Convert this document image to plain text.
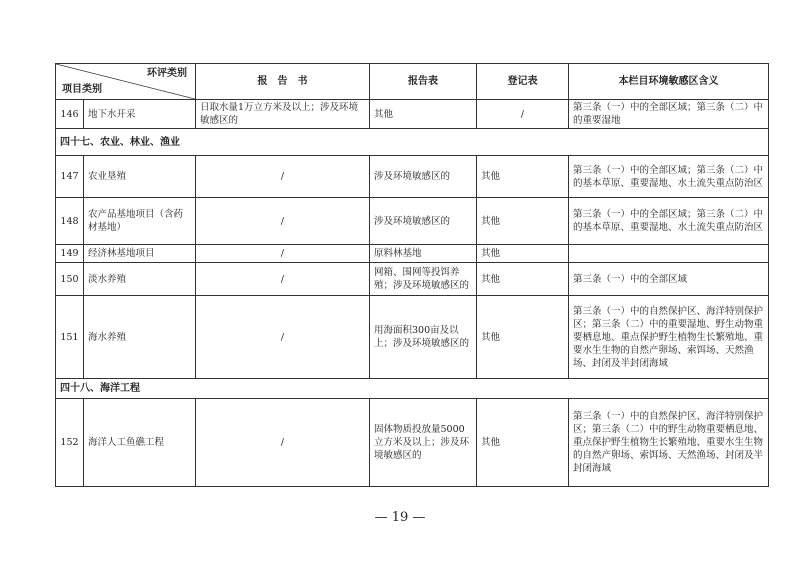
环评类别
项目类别		报　告　书	报告表	登记表	本栏目环境敏感区含义
146	地下水开采	日取水量1万立方米及以上；涉及环境敏感区的	其他	/	第三条（一）中的全部区域；第三条（二）中的重要湿地
四十七、农业、林业、渔业					
147	农业垦殖	/	涉及环境敏感区的	其他	第三条（一）中的全部区域；第三条（二）中的基本草原、重要湿地、水土流失重点防治区
148	农产品基地项目（含药材基地）	/	涉及环境敏感区的	其他	第三条（一）中的全部区域；第三条（二）中的基本草原、重要湿地、水土流失重点防治区
149	经济林基地项目	/	原料林基地	其他	
150	淡水养殖	/	网箱、围网等投饵养殖；涉及环境敏感区的	其他	第三条（一）中的全部区域
151	海水养殖	/	用海面积300亩及以上；涉及环境敏感区的	其他	第三条（一）中的自然保护区、海洋特别保护区；第三条（二）中的重要湿地、野生动物重要栖息地、重点保护野生植物生长繁殖地、重要水生生物的自然产卵场、索饵场、天然渔场、封闭及半封闭海域
四十八、海洋工程					
152	海洋人工鱼礁工程	/	固体物质投放量5000立方米及以上；涉及环境敏感区的	其他	第三条（一）中的自然保护区、海洋特别保护区；第三条（二）中的野生动物重要栖息地、重点保护野生植物生长繁殖地、重要水生生物的自然产卵场、索饵场、天然渔场、封闭及半封闭海域
— 19 —
